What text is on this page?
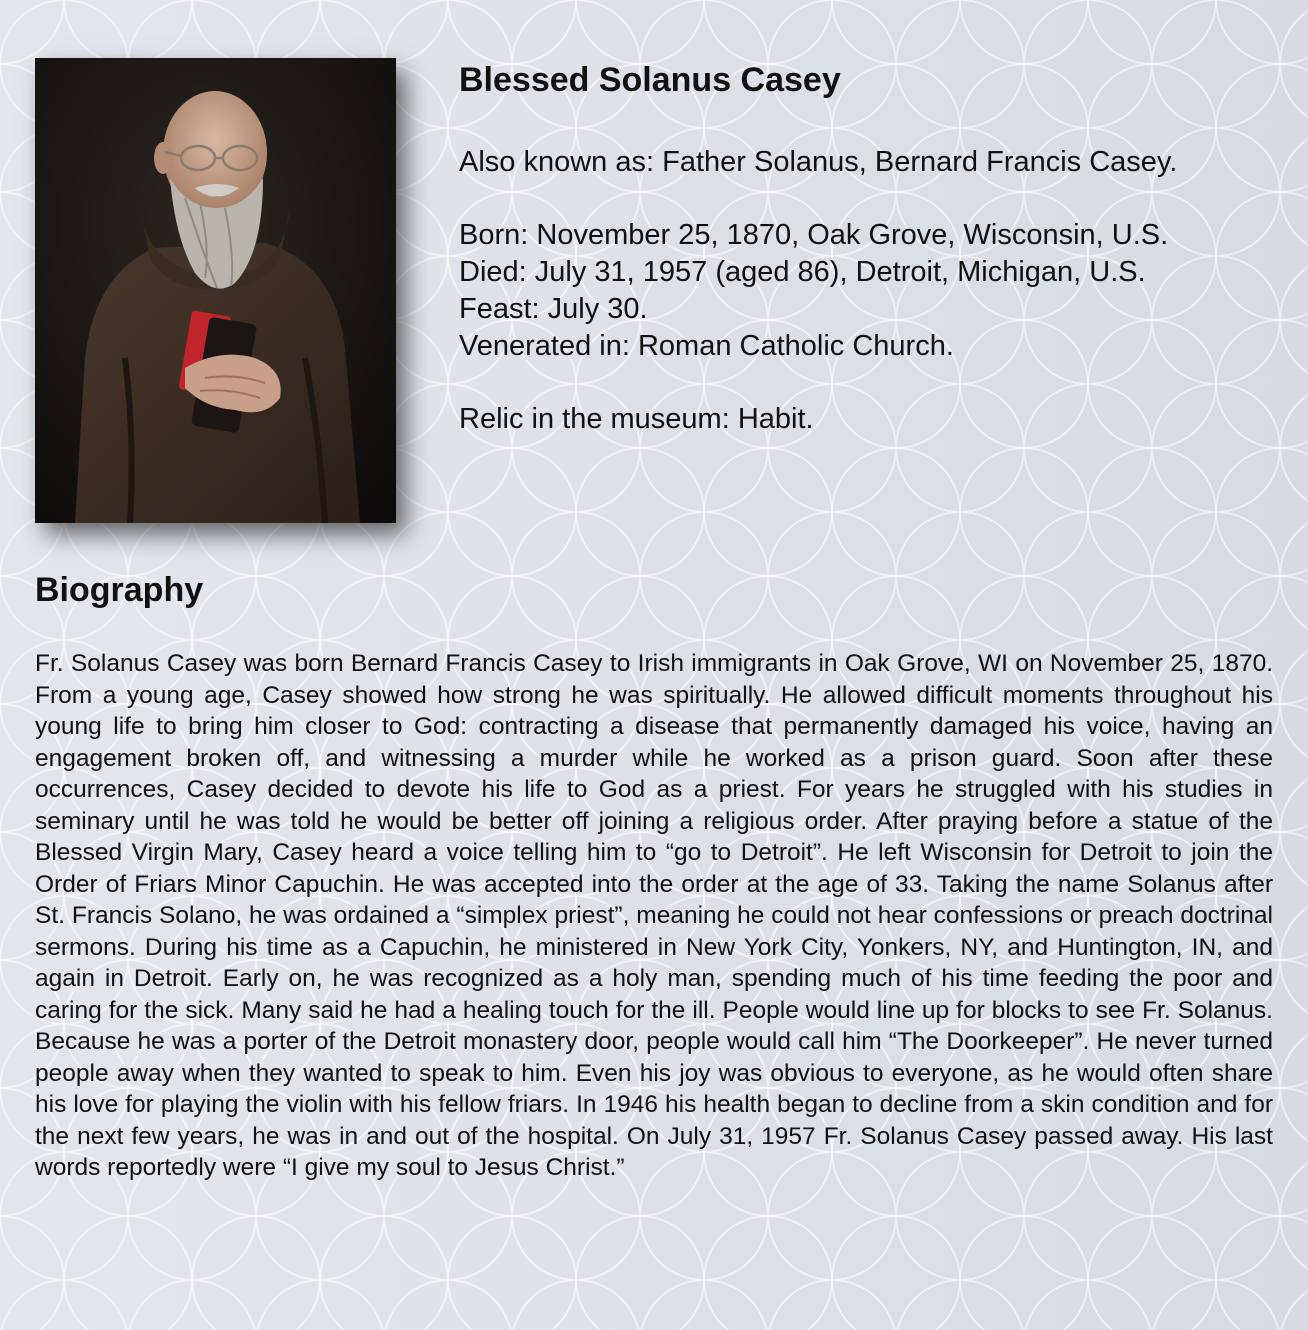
Blessed Solanus Casey

Also known as: Father Solanus, Bernard Francis Casey.

Born: November 25, 1870, Oak Grove, Wisconsin, U.S.

Died: July 31, 1957 (aged 86), Detroit, Michigan, U.S.

Feast: July 30.

Venerated in: Roman Catholic Church.

Relic in the museum: Habit.

Biography

Fr. Solanus Casey was born Bernard Francis Casey to Irish immigrants in Oak Grove, WI on November 25, 1870. From a young age, Casey showed how strong he was spiritually. He allowed difficult moments throughout his young life to bring him closer to God: contracting a disease that permanently damaged his voice, having an engagement broken off, and witnessing a murder while he worked as a prison guard. Soon after these occurrences, Casey decided to devote his life to God as a priest. For years he struggled with his studies in seminary until he was told he would be better off joining a religious order. After praying before a statue of the Blessed Virgin Mary, Casey heard a voice telling him to “go to Detroit”. He left Wisconsin for Detroit to join the Order of Friars Minor Capuchin. He was accepted into the order at the age of 33. Taking the name Solanus after St. Francis Solano, he was ordained a “simplex priest”, meaning he could not hear confessions or preach doctrinal sermons. During his time as a Capuchin, he ministered in New York City, Yonkers, NY, and Huntington, IN, and again in Detroit. Early on, he was recognized as a holy man, spending much of his time feeding the poor and caring for the sick. Many said he had a healing touch for the ill. People would line up for blocks to see Fr. Solanus. Because he was a porter of the Detroit monastery door, people would call him “The Doorkeeper”. He never turned people away when they wanted to speak to him. Even his joy was obvious to everyone, as he would often share his love for playing the violin with his fellow friars. In 1946 his health began to decline from a skin condition and for the next few years, he was in and out of the hospital. On July 31, 1957 Fr. Solanus Casey passed away. His last words reportedly were “I give my soul to Jesus Christ.”
